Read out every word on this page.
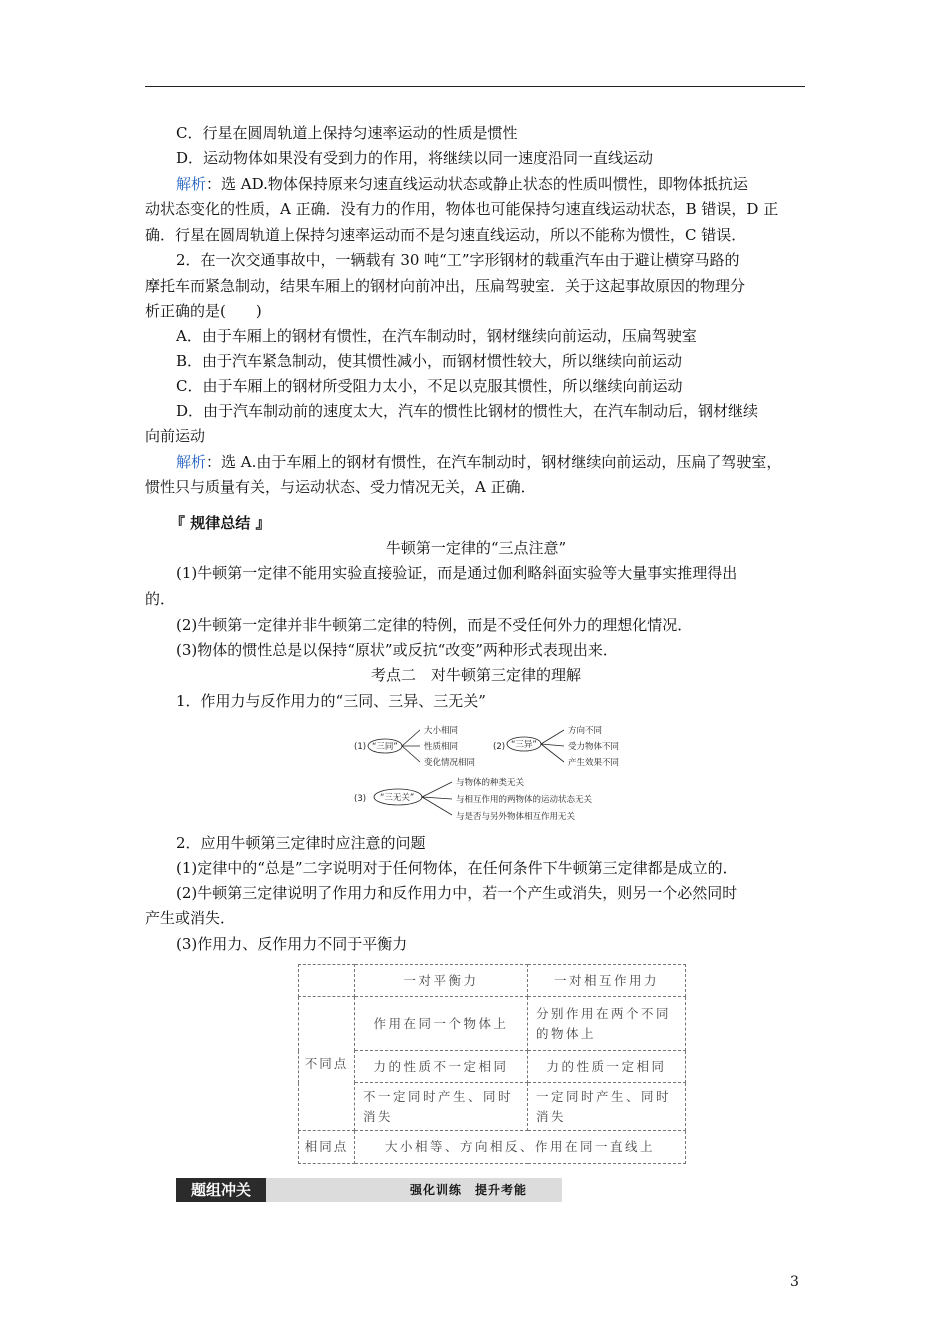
C．行星在圆周轨道上保持匀速率运动的性质是惯性
D．运动物体如果没有受到力的作用，将继续以同一速度沿同一直线运动
解析：选 AD.物体保持原来匀速直线运动状态或静止状态的性质叫惯性，即物体抵抗运
动状态变化的性质，A 正确．没有力的作用，物体也可能保持匀速直线运动状态，B 错误，D 正
确．行星在圆周轨道上保持匀速率运动而不是匀速直线运动，所以不能称为惯性，C 错误．
2．在一次交通事故中，一辆载有 30 吨“工”字形钢材的载重汽车由于避让横穿马路的
摩托车而紧急制动，结果车厢上的钢材向前冲出，压扁驾驶室．关于这起事故原因的物理分
析正确的是(　　)
A．由于车厢上的钢材有惯性，在汽车制动时，钢材继续向前运动，压扁驾驶室
B．由于汽车紧急制动，使其惯性减小，而钢材惯性较大，所以继续向前运动
C．由于车厢上的钢材所受阻力太小，不足以克服其惯性，所以继续向前运动
D．由于汽车制动前的速度太大，汽车的惯性比钢材的惯性大，在汽车制动后，钢材继续
向前运动
解析：选 A.由于车厢上的钢材有惯性，在汽车制动时，钢材继续向前运动，压扁了驾驶室，
惯性只与质量有关，与运动状态、受力情况无关，A 正确．
『 规律总结 』
牛顿第一定律的“三点注意”
(1)牛顿第一定律不能用实验直接验证，而是通过伽利略斜面实验等大量事实推理得出
的．
(2)牛顿第一定律并非牛顿第二定律的特例，而是不受任何外力的理想化情况．
(3)物体的惯性总是以保持“原状”或反抗“改变”两种形式表现出来．
考点二　对牛顿第三定律的理解
1．作用力与反作用力的“三同、三异、三无关”
(1) “三同”
大小相同
性质相同
变化情况相同
(2) “三异”
方向不同
受力物体不同
产生效果不同
(3) “三无关”
与物体的种类无关
与相互作用的两物体的运动状态无关
与是否与另外物体相互作用无关
2．应用牛顿第三定律时应注意的问题
(1)定律中的“总是”二字说明对于任何物体，在任何条件下牛顿第三定律都是成立的．
(2)牛顿第三定律说明了作用力和反作用力中，若一个产生或消失，则另一个必然同时
产生或消失．
(3)作用力、反作用力不同于平衡力
	一对平衡力	一对相互作用力
不同点	作用在同一个物体上	分别作用在两个不同的物体上
	力的性质不一定相同	力的性质一定相同
	不一定同时产生、同时消失	一定同时产生、同时消失
相同点	大小相等、方向相反、作用在同一直线上	
题组冲关	强化训练　提升考能
3
